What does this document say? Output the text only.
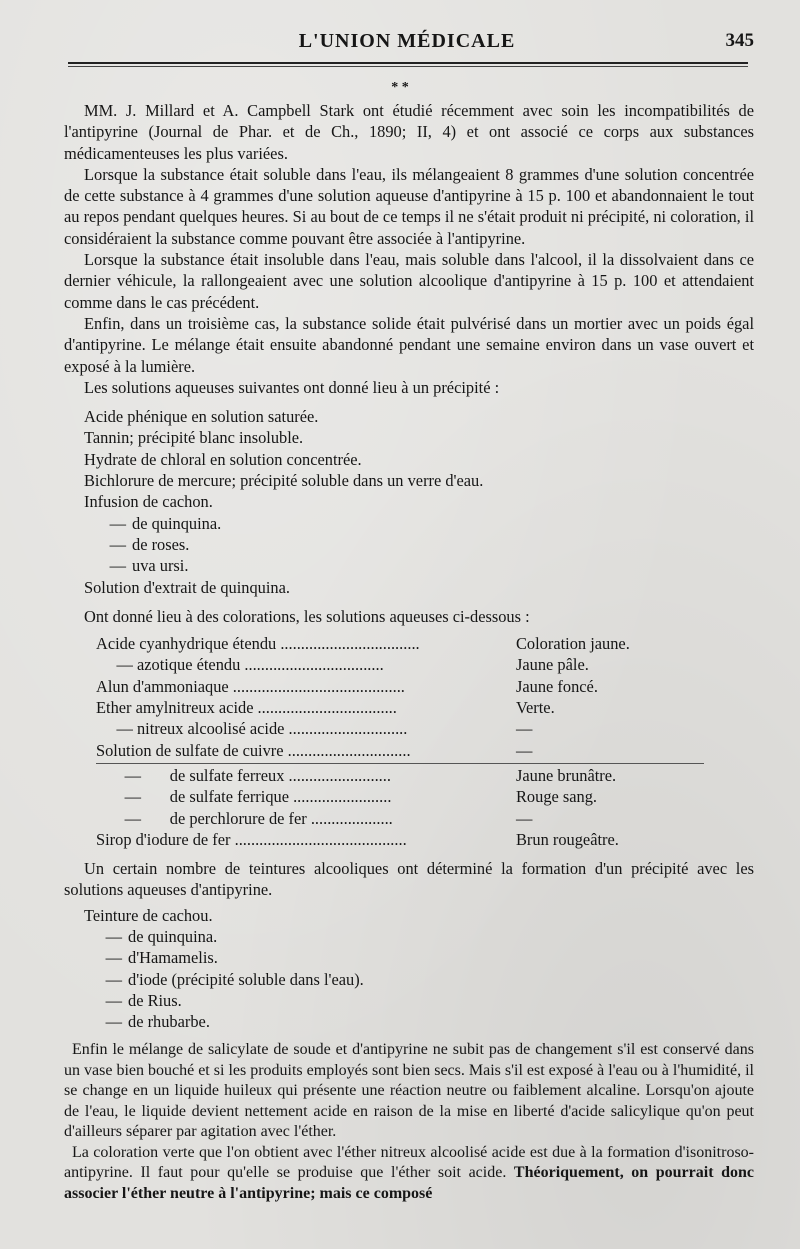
L'UNION MÉDICALE	345
* *

MM. J. Millard et A. Campbell Stark ont étudié récemment avec soin les incompatibilités de l'antipyrine (Journal de Phar. et de Ch., 1890; II, 4) et ont associé ce corps aux substances médicamenteuses les plus variées.

Lorsque la substance était soluble dans l'eau, ils mélangeaient 8 grammes d'une solution concentrée de cette substance à 4 grammes d'une solution aqueuse d'antipyrine à 15 p. 100 et abandonnaient le tout au repos pendant quelques heures. Si au bout de ce temps il ne s'était produit ni précipité, ni coloration, il considéraient la substance comme pouvant être associée à l'antipyrine.

Lorsque la substance était insoluble dans l'eau, mais soluble dans l'alcool, il la dissolvaient dans ce dernier véhicule, la rallongeaient avec une solution alcoolique d'antipyrine à 15 p. 100 et attendaient comme dans le cas précédent.

Enfin, dans un troisième cas, la substance solide était pulvérisé dans un mortier avec un poids égal d'antipyrine. Le mélange était ensuite abandonné pendant une semaine environ dans un vase ouvert et exposé à la lumière.

Les solutions aqueuses suivantes ont donné lieu à un précipité :

Acide phénique en solution saturée.
Tannin; précipité blanc insoluble.
Hydrate de chloral en solution concentrée.
Bichlorure de mercure; précipité soluble dans un verre d'eau.
Infusion de cachon.
— de quinquina.
— de roses.
— uva ursi.
Solution d'extrait de quinquina.

Ont donné lieu à des colorations, les solutions aqueuses ci-dessous :

Acide cyanhydrique étendu ..................................	Coloration jaune.
— azotique étendu ..................................	Jaune pâle.
Alun d'ammoniaque ..........................................	Jaune foncé.
Ether amylnitreux acide ..................................	Verte.
— nitreux alcoolisé acide .............................	—
Solution de sulfate de cuivre ..............................	—
—       de sulfate ferreux .........................	Jaune brunâtre.
—       de sulfate ferrique ........................	Rouge sang.
—       de perchlorure de fer ....................	—
Sirop d'iodure de fer ..........................................	Brun rougeâtre.

Un certain nombre de teintures alcooliques ont déterminé la formation d'un précipité avec les solutions aqueuses d'antipyrine.

Teinture de cachou.
— de quinquina.
— d'Hamamelis.
— d'iode (précipité soluble dans l'eau).
— de Rius.
— de rhubarbe.

Enfin le mélange de salicylate de soude et d'antipyrine ne subit pas de changement s'il est conservé dans un vase bien bouché et si les produits employés sont bien secs. Mais s'il est exposé à l'eau ou à l'humidité, il se change en un liquide huileux qui présente une réaction neutre ou faiblement alcaline. Lorsqu'on ajoute de l'eau, le liquide devient nettement acide en raison de la mise en liberté d'acide salicylique qu'on peut d'ailleurs séparer par agitation avec l'éther.

La coloration verte que l'on obtient avec l'éther nitreux alcoolisé acide est due à la formation d'isonitroso-antipyrine. Il faut pour qu'elle se produise que l'éther soit acide. Théoriquement, on pourrait donc associer l'éther neutre à l'antipyrine; mais ce composé
